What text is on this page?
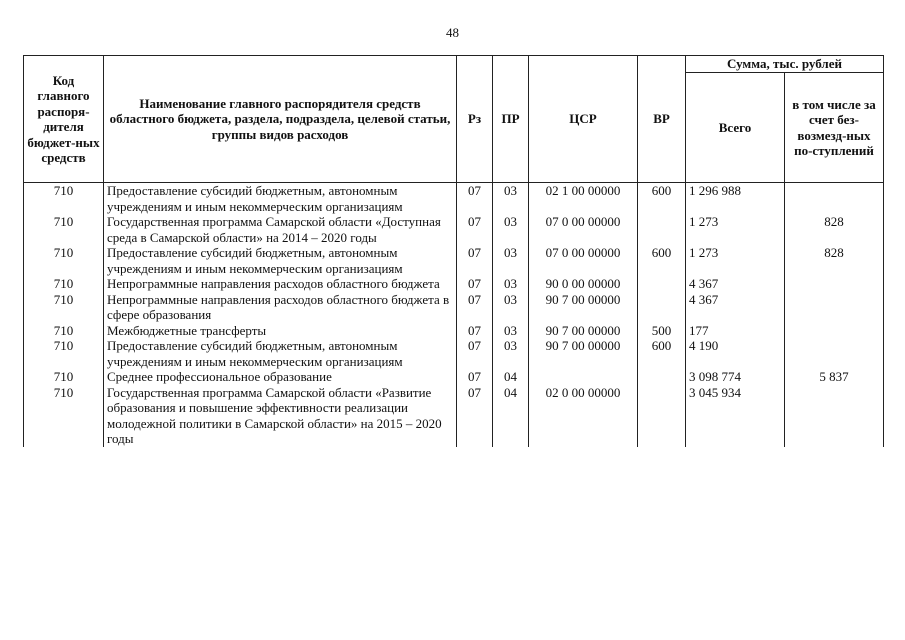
48
Код главного распоря-дителя бюджет-ных средств	Наименование главного распорядителя средств областного бюджета, раздела, подраздела, целевой статьи, группы видов расходов	Рз	ПР	ЦСР	ВР	Сумма, тыс. рублей	
						Всего	в том числе за счет без-возмезд-ных по-ступлений
710	Предоставление субсидий бюджетным, автономным учреждениям и иным некоммерческим организациям	07	03	02 1 00 00000	600	1 296 988	
710	Государственная программа Самарской области «Доступная среда в Самарской области» на 2014 – 2020 годы	07	03	07 0 00 00000		1 273	828
710	Предоставление субсидий бюджетным, автономным учреждениям и иным некоммерческим организациям	07	03	07 0 00 00000	600	1 273	828
710	Непрограммные направления расходов областного бюджета	07	03	90 0 00 00000		4 367	
710	Непрограммные направления расходов областного бюджета в сфере образования	07	03	90 7 00 00000		4 367	
710	Межбюджетные трансферты	07	03	90 7 00 00000	500	177	
710	Предоставление субсидий бюджетным, автономным учреждениям и иным некоммерческим организациям	07	03	90 7 00 00000	600	4 190	
710	Среднее профессиональное образование	07	04			3 098 774	5 837
710	Государственная программа Самарской области «Развитие образования и повышение эффективности реализации молодежной политики в Самарской области» на 2015 – 2020 годы	07	04	02 0 00 00000		3 045 934	
